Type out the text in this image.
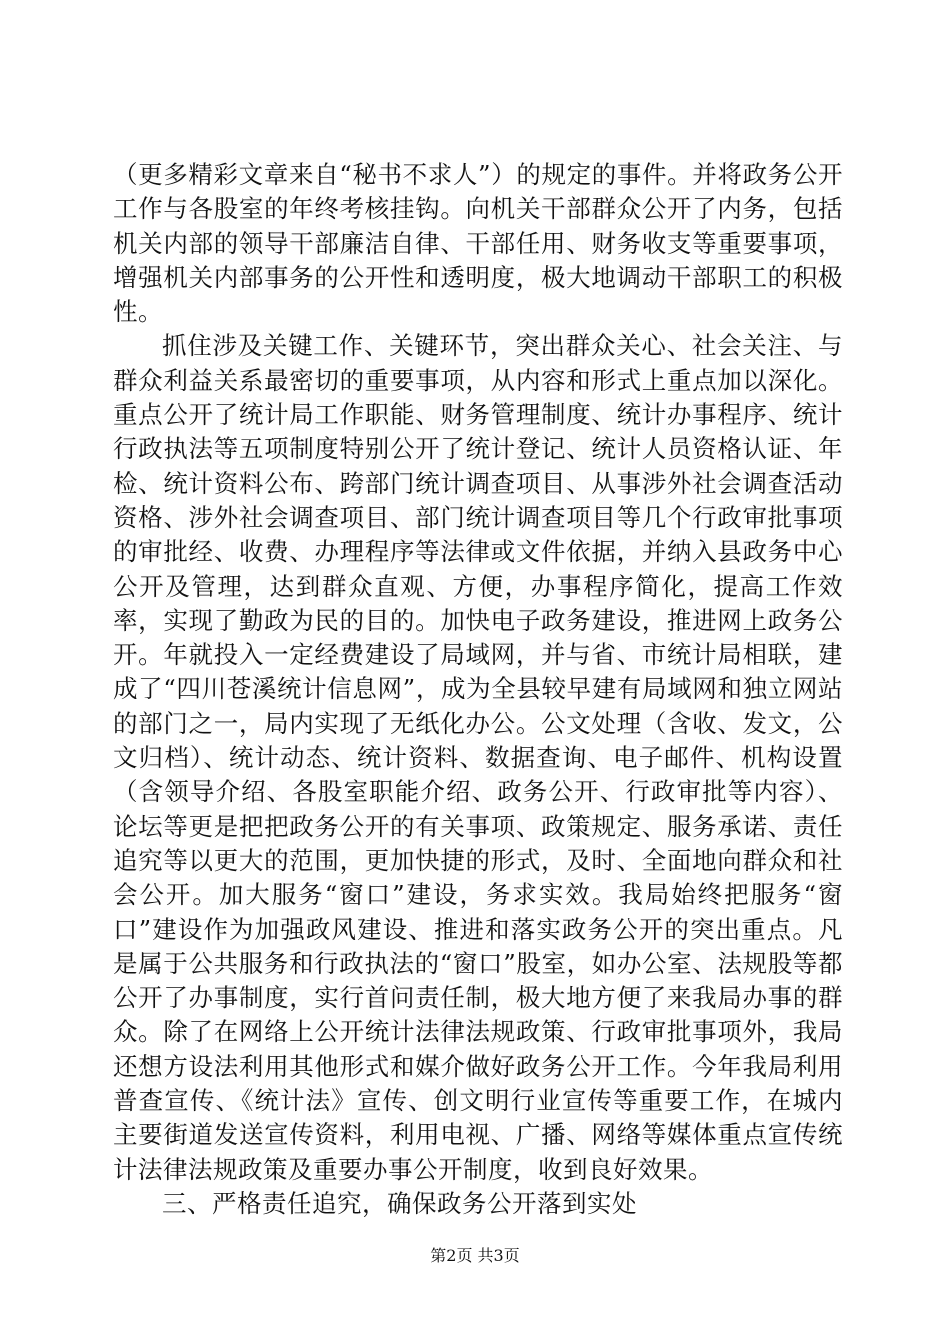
（更多精彩文章来自“秘书不求人”）的规定的事件。并将政务公开工作与各股室的年终考核挂钩。向机关干部群众公开了内务，包括机关内部的领导干部廉洁自律、干部任用、财务收支等重要事项，增强机关内部事务的公开性和透明度，极大地调动干部职工的积极性。

抓住涉及关键工作、关键环节，突出群众关心、社会关注、与群众利益关系最密切的重要事项，从内容和形式上重点加以深化。重点公开了统计局工作职能、财务管理制度、统计办事程序、统计行政执法等五项制度特别公开了统计登记、统计人员资格认证、年检、统计资料公布、跨部门统计调查项目、从事涉外社会调查活动资格、涉外社会调查项目、部门统计调查项目等几个行政审批事项的审批经、收费、办理程序等法律或文件依据，并纳入县政务中心公开及管理，达到群众直观、方便，办事程序简化，提高工作效率，实现了勤政为民的目的。加快电子政务建设，推进网上政务公开。年就投入一定经费建设了局域网，并与省、市统计局相联，建成了“四川苍溪统计信息网”，成为全县较早建有局域网和独立网站的部门之一，局内实现了无纸化办公。公文处理（含收、发文，公文归档）、统计动态、统计资料、数据查询、电子邮件、机构设置（含领导介绍、各股室职能介绍、政务公开、行政审批等内容）、论坛等更是把把政务公开的有关事项、政策规定、服务承诺、责任追究等以更大的范围，更加快捷的形式，及时、全面地向群众和社会公开。加大服务“窗口”建设，务求实效。我局始终把服务“窗口”建设作为加强政风建设、推进和落实政务公开的突出重点。凡是属于公共服务和行政执法的“窗口”股室，如办公室、法规股等都公开了办事制度，实行首问责任制，极大地方便了来我局办事的群众。除了在网络上公开统计法律法规政策、行政审批事项外，我局还想方设法利用其他形式和媒介做好政务公开工作。今年我局利用普查宣传、《统计法》宣传、创文明行业宣传等重要工作，在城内主要街道发送宣传资料，利用电视、广播、网络等媒体重点宣传统计法律法规政策及重要办事公开制度，收到良好效果。

三、严格责任追究，确保政务公开落到实处

第2页 共3页
